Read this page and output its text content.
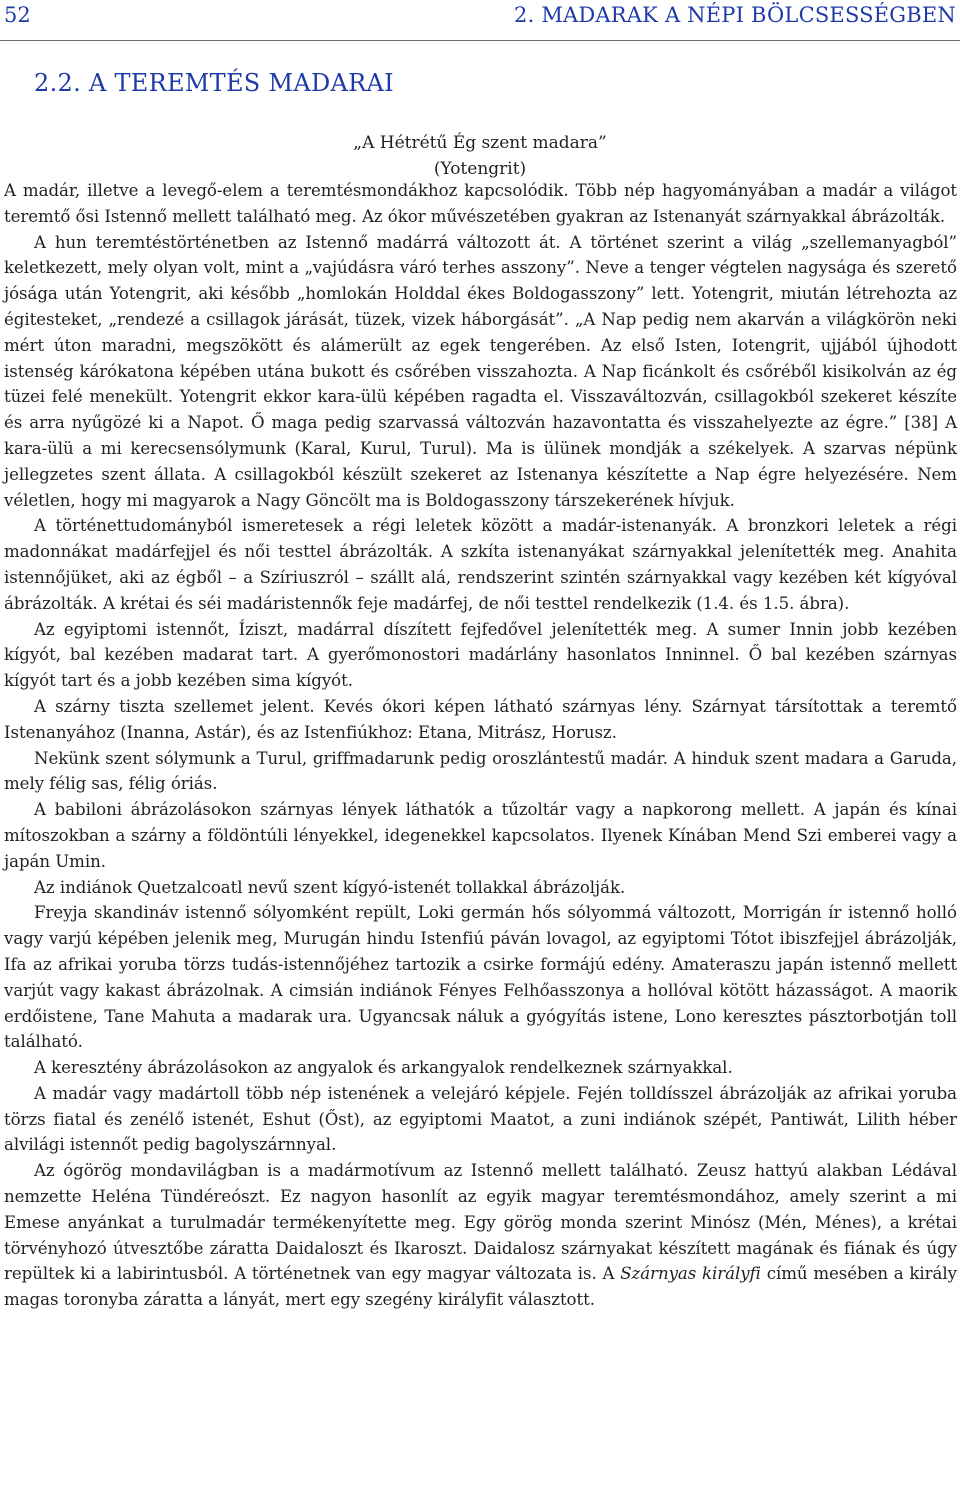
52	2. MADARAK A NÉPI BÖLCSESSÉGBEN
2.2. A TEREMTÉS MADARAI
„A Hétrétű Ég szent madara”
(Yotengrit)

A madár, illetve a levegő-elem a teremtésmondákhoz kapcsolódik. Több nép hagyományában a madár a világot teremtő ősi Istennő mellett található meg. Az ókor művészetében gyakran az Istenanyát szárnyakkal ábrázolták.

A hun teremtéstörténetben az Istennő madárrá változott át. A történet szerint a világ „szellemanyagból” keletkezett, mely olyan volt, mint a „vajúdásra váró terhes asszony”. Neve a tenger végtelen nagysága és szerető jósága után Yotengrit, aki később „homlokán Holddal ékes Boldogasszony” lett. Yotengrit, miután létrehozta az égitesteket, „rendezé a csillagok járását, tüzek, vizek háborgását”. „A Nap pedig nem akarván a világkörön neki mért úton maradni, megszökött és alámerült az egek tengerében. Az első Isten, Iotengrit, ujjából újhodott istenség kárókatona képében utána bukott és csőrében visszahozta. A Nap ficánkolt és csőréből kisikolván az ég tüzei felé menekült. Yotengrit ekkor kara-ülü képében ragadta el. Visszaváltozván, csillagokból szekeret készíte és arra nyűgözé ki a Napot. Ő maga pedig szarvassá változván hazavontatta és visszahelyezte az égre.” [38] A kara-ülü a mi kerecsensólymunk (Karal, Kurul, Turul). Ma is ülünek mondják a székelyek. A szarvas népünk jellegzetes szent állata. A csillagokból készült szekeret az Istenanya készítette a Nap égre helyezésére. Nem véletlen, hogy mi magyarok a Nagy Göncölt ma is Boldogasszony társzekerének hívjuk.

A történettudományból ismeretesek a régi leletek között a madár-istenanyák. A bronzkori leletek a régi madonnákat madárfejjel és női testtel ábrázolták. A szkíta istenanyákat szárnyakkal jelenítették meg. Anahita istennőjüket, aki az égből – a Szíriuszról – szállt alá, rendszerint szintén szárnyakkal vagy kezében két kígyóval ábrázolták. A krétai és séi madáristennők feje madárfej, de női testtel rendelkezik (1.4. és 1.5. ábra).

Az egyiptomi istennőt, Íziszt, madárral díszített fejfedővel jelenítették meg. A sumer Innin jobb kezében kígyót, bal kezében madarat tart. A gyerőmonostori madárlány hasonlatos Inninnel. Ő bal kezében szárnyas kígyót tart és a jobb kezében sima kígyót.

A szárny tiszta szellemet jelent. Kevés ókori képen látható szárnyas lény. Szárnyat társítottak a teremtő Istenanyához (Inanna, Astár), és az Istenfiúkhoz: Etana, Mitrász, Horusz.

Nekünk szent sólymunk a Turul, griffmadarunk pedig oroszlántestű madár. A hinduk szent madara a Garuda, mely félig sas, félig óriás.

A babiloni ábrázolásokon szárnyas lények láthatók a tűzoltár vagy a napkorong mellett. A japán és kínai mítoszokban a szárny a földöntúli lényekkel, idegenekkel kapcsolatos. Ilyenek Kínában Mend Szi emberei vagy a japán Umin.

Az indiánok Quetzalcoatl nevű szent kígyó-istenét tollakkal ábrázolják.

Freyja skandináv istennő sólyomként repült, Loki germán hős sólyommá változott, Morrigán ír istennő holló vagy varjú képében jelenik meg, Murugán hindu Istenfiú páván lovagol, az egyiptomi Tótot ibiszfejjel ábrázolják, Ifa az afrikai yoruba törzs tudás-istennőjéhez tartozik a csirke formájú edény. Amateraszu japán istennő mellett varjút vagy kakast ábrázolnak. A cimsián indiánok Fényes Felhőasszonya a hollóval kötött házasságot. A maorik erdőistene, Tane Mahuta a madarak ura. Ugyancsak náluk a gyógyítás istene, Lono keresztes pásztorbotján toll található.

A keresztény ábrázolásokon az angyalok és arkangyalok rendelkeznek szárnyakkal.

A madár vagy madártoll több nép istenének a velejáró képjele. Fején tolldísszel ábrázolják az afrikai yoruba törzs fiatal és zenélő istenét, Eshut (Őst), az egyiptomi Maatot, a zuni indiánok szépét, Pantiwát, Lilith héber alvilági istennőt pedig bagolyszárnnyal.

Az ógörög mondavilágban is a madármotívum az Istennő mellett található. Zeusz hattyú alakban Lédával nemzette Heléna Tündéreószt. Ez nagyon hasonlít az egyik magyar teremtésmondához, amely szerint a mi Emese anyánkat a turulmadár termékenyítette meg. Egy görög monda szerint Minósz (Mén, Ménes), a krétai törvényhozó útvesztőbe záratta Daidaloszt és Ikaroszt. Daidalosz szárnyakat készített magának és fiának és úgy repültek ki a labirintusból. A történetnek van egy magyar változata is. A Szárnyas királyfi című mesében a király magas toronyba záratta a lányát, mert egy szegény királyfit választott.
